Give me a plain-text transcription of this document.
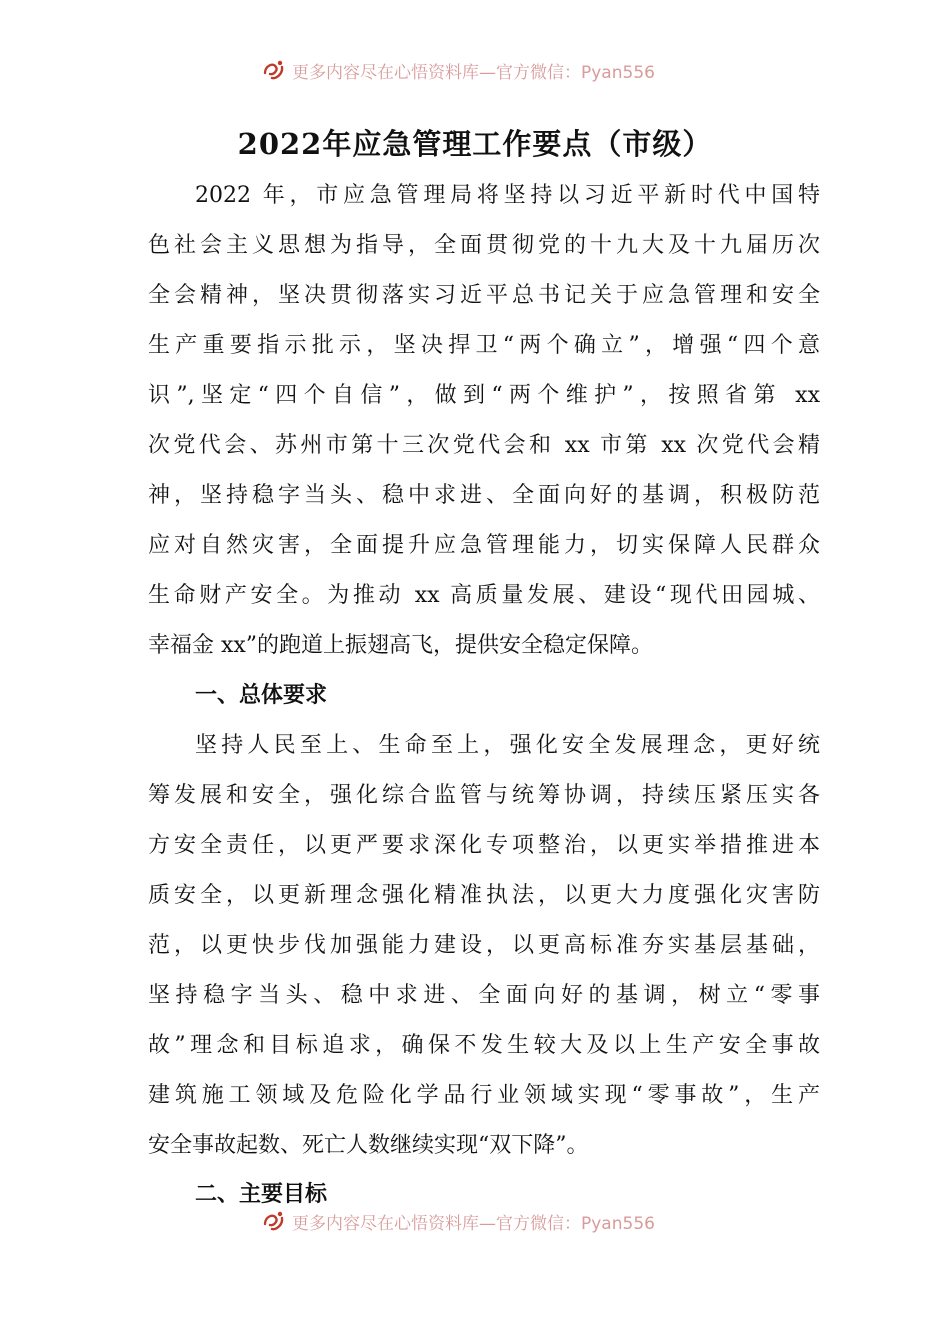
更多内容尽在心悟资料库—官方微信：Pyan556
2022年应急管理工作要点（市级）
2022 年，市应急管理局将坚持以习近平新时代中国特
色社会主义思想为指导，全面贯彻党的十九大及十九届历次
全会精神，坚决贯彻落实习近平总书记关于应急管理和安全
生产重要指示批示，坚决捍卫“两个确立”，增强“四个意
识”,坚定“四个自信”，做到“两个维护”，按照省第 xx
次党代会、苏州市第十三次党代会和 xx 市第 xx 次党代会精
神，坚持稳字当头、稳中求进、全面向好的基调，积极防范
应对自然灾害，全面提升应急管理能力，切实保障人民群众
生命财产安全。为推动 xx 高质量发展、建设“现代田园城、
幸福金 xx”的跑道上振翅高飞，提供安全稳定保障。
一、总体要求
坚持人民至上、生命至上，强化安全发展理念，更好统
筹发展和安全，强化综合监管与统筹协调，持续压紧压实各
方安全责任，以更严要求深化专项整治，以更实举措推进本
质安全，以更新理念强化精准执法，以更大力度强化灾害防
范，以更快步伐加强能力建设，以更高标准夯实基层基础，
坚持稳字当头、稳中求进、全面向好的基调，树立“零事
故”理念和目标追求，确保不发生较大及以上生产安全事故
建筑施工领域及危险化学品行业领域实现“零事故”，生产
安全事故起数、死亡人数继续实现“双下降”。
二、主要目标
更多内容尽在心悟资料库—官方微信：Pyan556
